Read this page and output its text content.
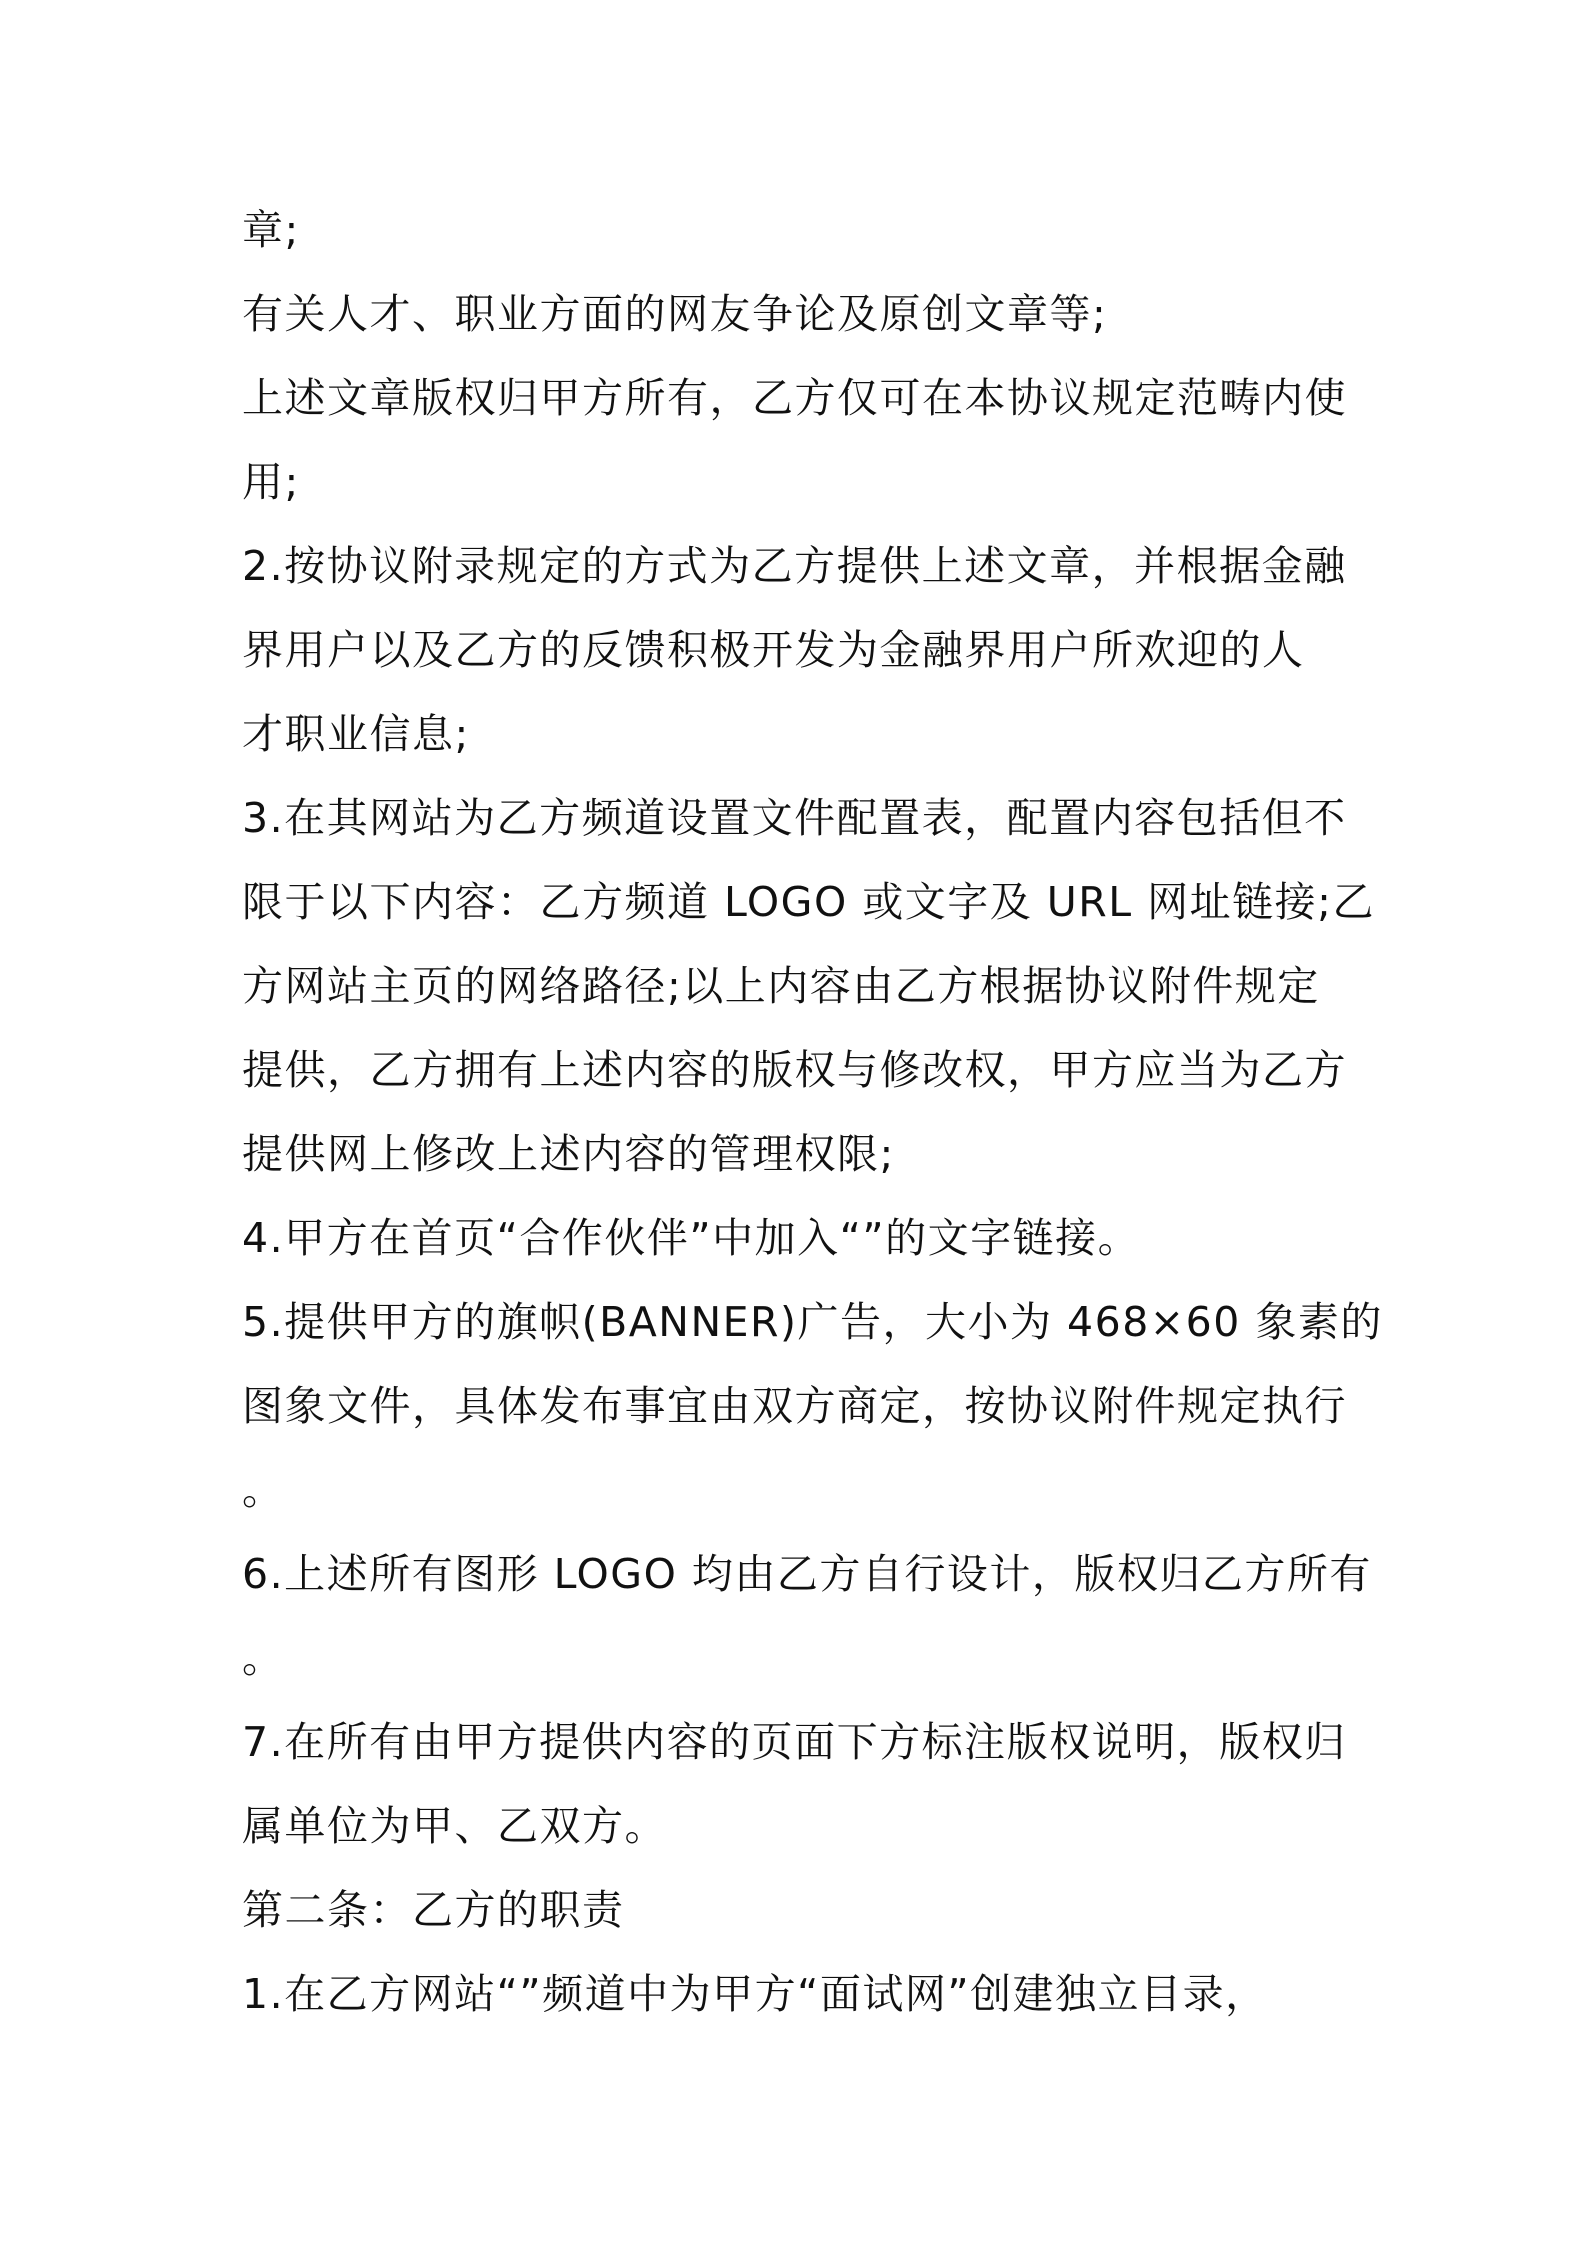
章;
有关人才、职业方面的网友争论及原创文章等;
上述文章版权归甲方所有，乙方仅可在本协议规定范畴内使
用;
2.按协议附录规定的方式为乙方提供上述文章，并根据金融
界用户以及乙方的反馈积极开发为金融界用户所欢迎的人
才职业信息;
3.在其网站为乙方频道设置文件配置表，配置内容包括但不
限于以下内容：乙方频道 LOGO 或文字及 URL 网址链接;乙
方网站主页的网络路径;以上内容由乙方根据协议附件规定
提供，乙方拥有上述内容的版权与修改权，甲方应当为乙方
提供网上修改上述内容的管理权限;
4.甲方在首页“合作伙伴”中加入“”的文字链接。
5.提供甲方的旗帜(BANNER)广告，大小为 468×60 象素的
图象文件，具体发布事宜由双方商定，按协议附件规定执行
。
6.上述所有图形 LOGO 均由乙方自行设计，版权归乙方所有
。
7.在所有由甲方提供内容的页面下方标注版权说明，版权归
属单位为甲、乙双方。
第二条：乙方的职责
1.在乙方网站“”频道中为甲方“面试网”创建独立目录，
